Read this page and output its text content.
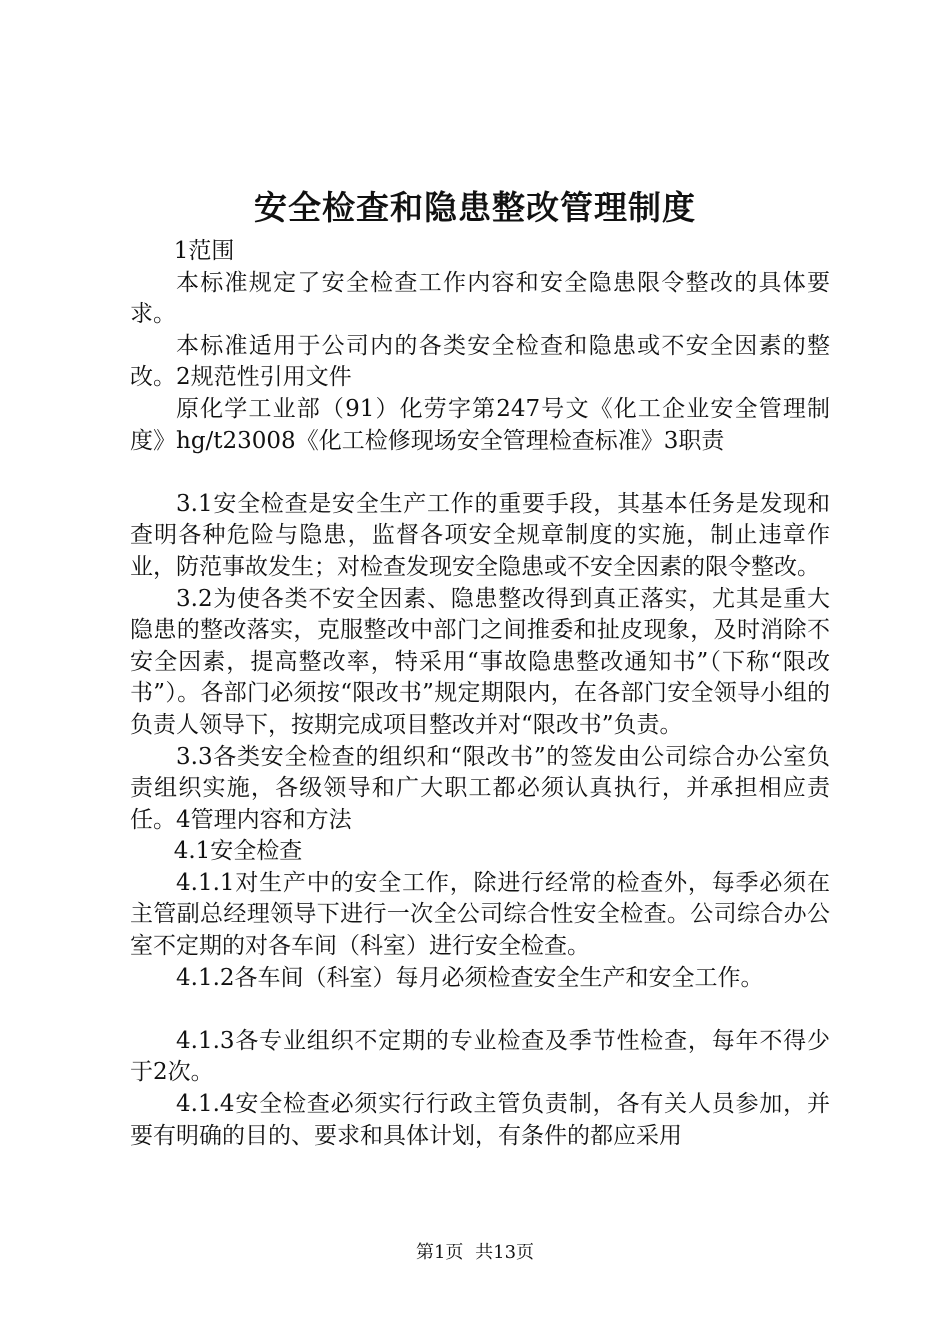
安全检查和隐患整改管理制度

1范围

本标准规定了安全检查工作内容和安全隐患限令整改的具体要求。

本标准适用于公司内的各类安全检查和隐患或不安全因素的整改。2规范性引用文件

原化学工业部（91）化劳字第247号文《化工企业安全管理制度》hg/t23008《化工检修现场安全管理检查标准》3职责

3.1安全检查是安全生产工作的重要手段，其基本任务是发现和查明各种危险与隐患，监督各项安全规章制度的实施，制止违章作业，防范事故发生；对检查发现安全隐患或不安全因素的限令整改。

3.2为使各类不安全因素、隐患整改得到真正落实，尤其是重大隐患的整改落实，克服整改中部门之间推委和扯皮现象，及时消除不安全因素，提高整改率，特采用“事故隐患整改通知书”（下称“限改书”）。各部门必须按“限改书”规定期限内，在各部门安全领导小组的负责人领导下，按期完成项目整改并对“限改书”负责。

3.3各类安全检查的组织和“限改书”的签发由公司综合办公室负责组织实施，各级领导和广大职工都必须认真执行，并承担相应责任。4管理内容和方法

4.1安全检查

4.1.1对生产中的安全工作，除进行经常的检查外，每季必须在主管副总经理领导下进行一次全公司综合性安全检查。公司综合办公室不定期的对各车间（科室）进行安全检查。

4.1.2各车间（科室）每月必须检查安全生产和安全工作。

4.1.3各专业组织不定期的专业检查及季节性检查，每年不得少于2次。

4.1.4安全检查必须实行行政主管负责制，各有关人员参加，并要有明确的目的、要求和具体计划，有条件的都应采用

第1页 共13页
